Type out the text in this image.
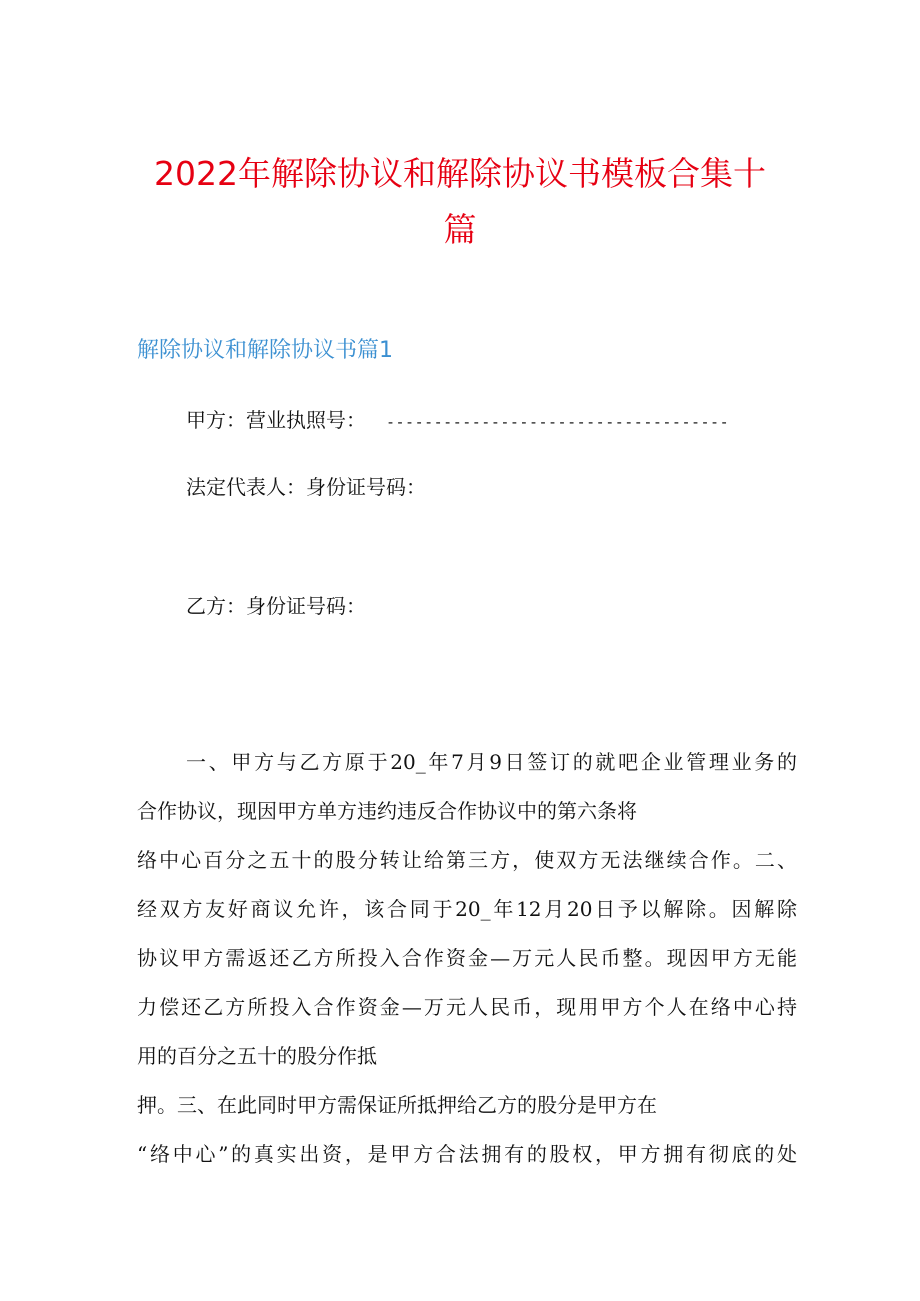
2022年解除协议和解除协议书模板合集十
篇
解除协议和解除协议书篇1

甲方：营业执照号： ------------------------------------

法定代表人：身份证号码：

乙方：身份证号码：

一、甲方与乙方原于20_年7月9日签订的就吧企业管理业务的

合作协议，现因甲方单方违约违反合作协议中的第六条将

络中心百分之五十的股分转让给第三方，使双方无法继续合作。二、

经双方友好商议允许，该合同于20_年12月20日予以解除。因解除

协议甲方需返还乙方所投入合作资金—万元人民币整。现因甲方无能

力偿还乙方所投入合作资金—万元人民币，现用甲方个人在络中心持

用的百分之五十的股分作抵

押。三、在此同时甲方需保证所抵押给乙方的股分是甲方在

“络中心”的真实出资，是甲方合法拥有的股权，甲方拥有彻底的处
